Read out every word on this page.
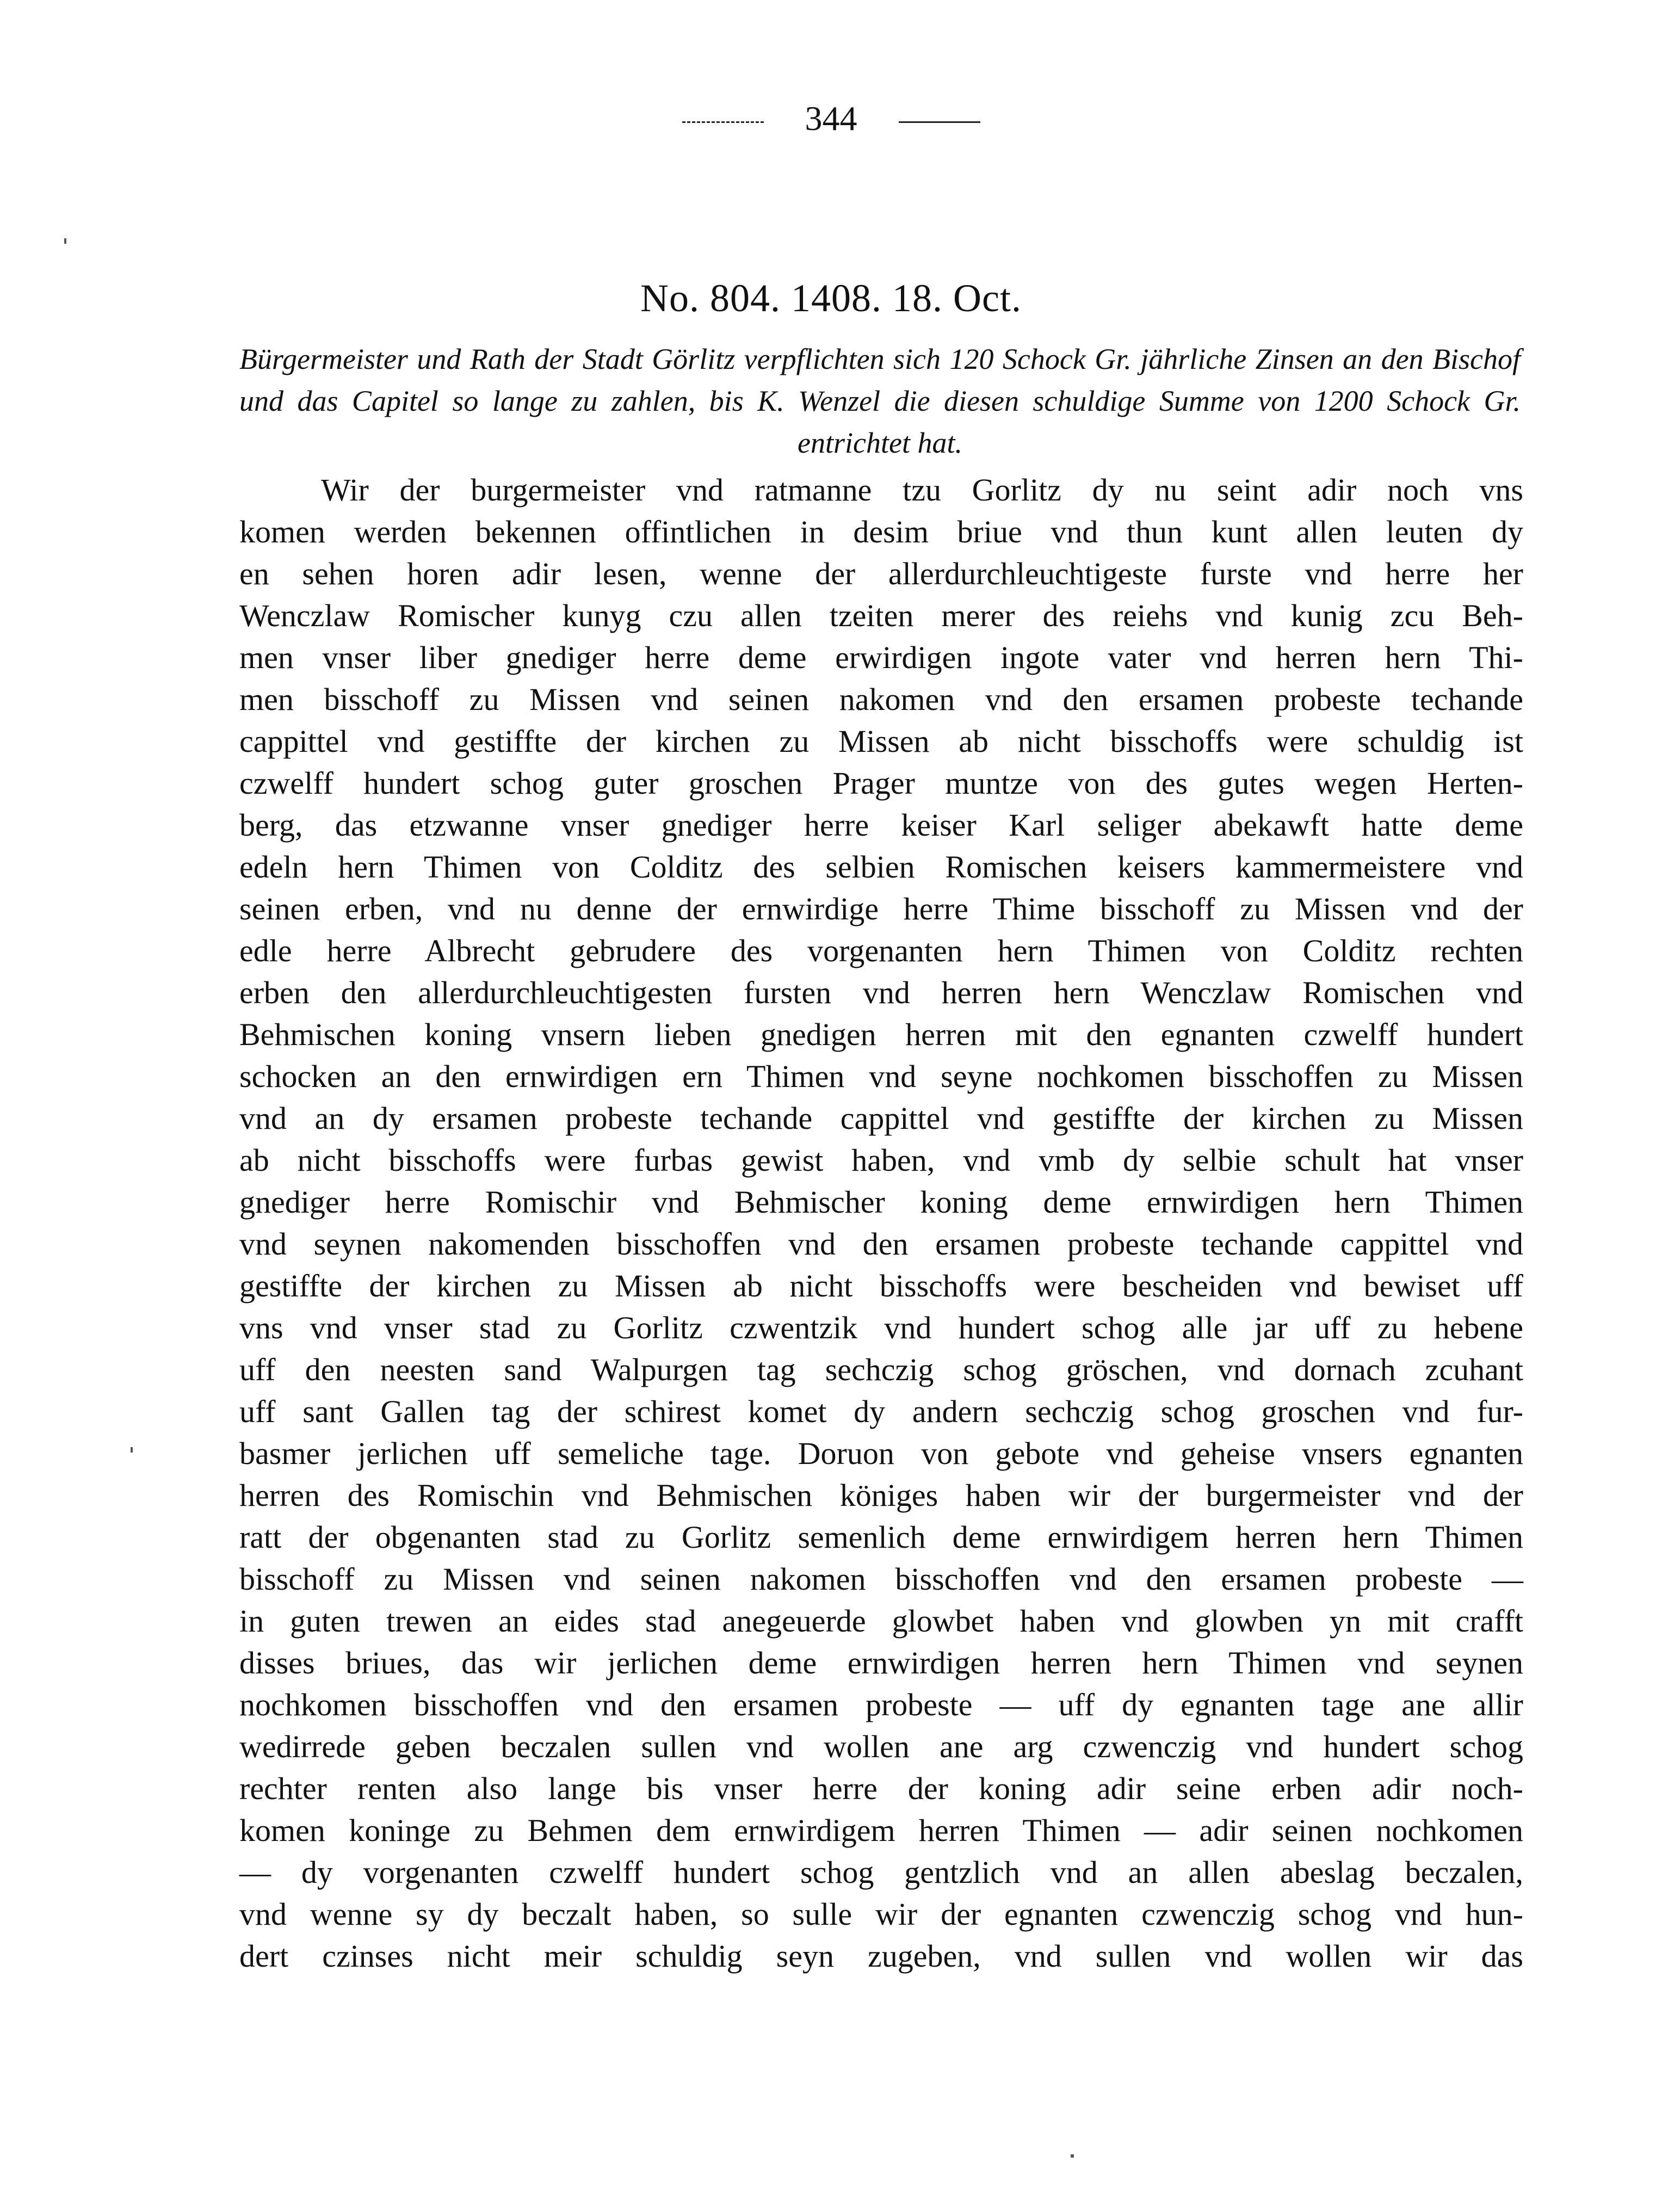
344
No. 804. 1408. 18. Oct.
Bürgermeister und Rath der Stadt Görlitz verpflichten sich 120 Schock Gr. jährliche Zinsen an den Bischof und das Capitel so lange zu zahlen, bis K. Wenzel die diesen schuldige Summe von 1200 Schock Gr. entrichtet hat.
Wir der burgermeister vnd ratmanne tzu Gorlitz dy nu seint adir noch vns
komen werden bekennen offintlichen in desim briue vnd thun kunt allen leuten dy
en sehen horen adir lesen, wenne der allerdurchleuchtigeste furste vnd herre her
Wenczlaw Romischer kunyg czu allen tzeiten merer des reiehs vnd kunig zcu Beh-
men vnser liber gnediger herre deme erwirdigen ingote vater vnd herren hern Thi-
men bisschoff zu Missen vnd seinen nakomen vnd den ersamen probeste techande
cappittel vnd gestiffte der kirchen zu Missen ab nicht bisschoffs were schuldig ist
czwelff hundert schog guter groschen Prager muntze von des gutes wegen Herten-
berg, das etzwanne vnser gnediger herre keiser Karl seliger abekawft hatte deme
edeln hern Thimen von Colditz des selbien Romischen keisers kammermeistere vnd
seinen erben, vnd nu denne der ernwirdige herre Thime bisschoff zu Missen vnd der
edle herre Albrecht gebrudere des vorgenanten hern Thimen von Colditz rechten
erben den allerdurchleuchtigesten fursten vnd herren hern Wenczlaw Romischen vnd
Behmischen koning vnsern lieben gnedigen herren mit den egnanten czwelff hundert
schocken an den ernwirdigen ern Thimen vnd seyne nochkomen bisschoffen zu Missen
vnd an dy ersamen probeste techande cappittel vnd gestiffte der kirchen zu Missen
ab nicht bisschoffs were furbas gewist haben, vnd vmb dy selbie schult hat vnser
gnediger herre Romischir vnd Behmischer koning deme ernwirdigen hern Thimen
vnd seynen nakomenden bisschoffen vnd den ersamen probeste techande cappittel vnd
gestiffte der kirchen zu Missen ab nicht bisschoffs were bescheiden vnd bewiset uff
vns vnd vnser stad zu Gorlitz czwentzik vnd hundert schog alle jar uff zu hebene
uff den neesten sand Walpurgen tag sechczig schog gröschen, vnd dornach zcuhant
uff sant Gallen tag der schirest komet dy andern sechczig schog groschen vnd fur-
basmer jerlichen uff semeliche tage. Doruon von gebote vnd geheise vnsers egnanten
herren des Romischin vnd Behmischen königes haben wir der burgermeister vnd der
ratt der obgenanten stad zu Gorlitz semenlich deme ernwirdigem herren hern Thimen
bisschoff zu Missen vnd seinen nakomen bisschoffen vnd den ersamen probeste —
in guten trewen an eides stad anegeuerde glowbet haben vnd glowben yn mit crafft
disses briues, das wir jerlichen deme ernwirdigen herren hern Thimen vnd seynen
nochkomen bisschoffen vnd den ersamen probeste — uff dy egnanten tage ane allir
wedirrede geben beczalen sullen vnd wollen ane arg czwenczig vnd hundert schog
rechter renten also lange bis vnser herre der koning adir seine erben adir noch-
komen koninge zu Behmen dem ernwirdigem herren Thimen — adir seinen nochkomen
— dy vorgenanten czwelff hundert schog gentzlich vnd an allen abeslag beczalen,
vnd wenne sy dy beczalt haben, so sulle wir der egnanten czwenczig schog vnd hun-
dert czinses nicht meir schuldig seyn zugeben, vnd sullen vnd wollen wir das
